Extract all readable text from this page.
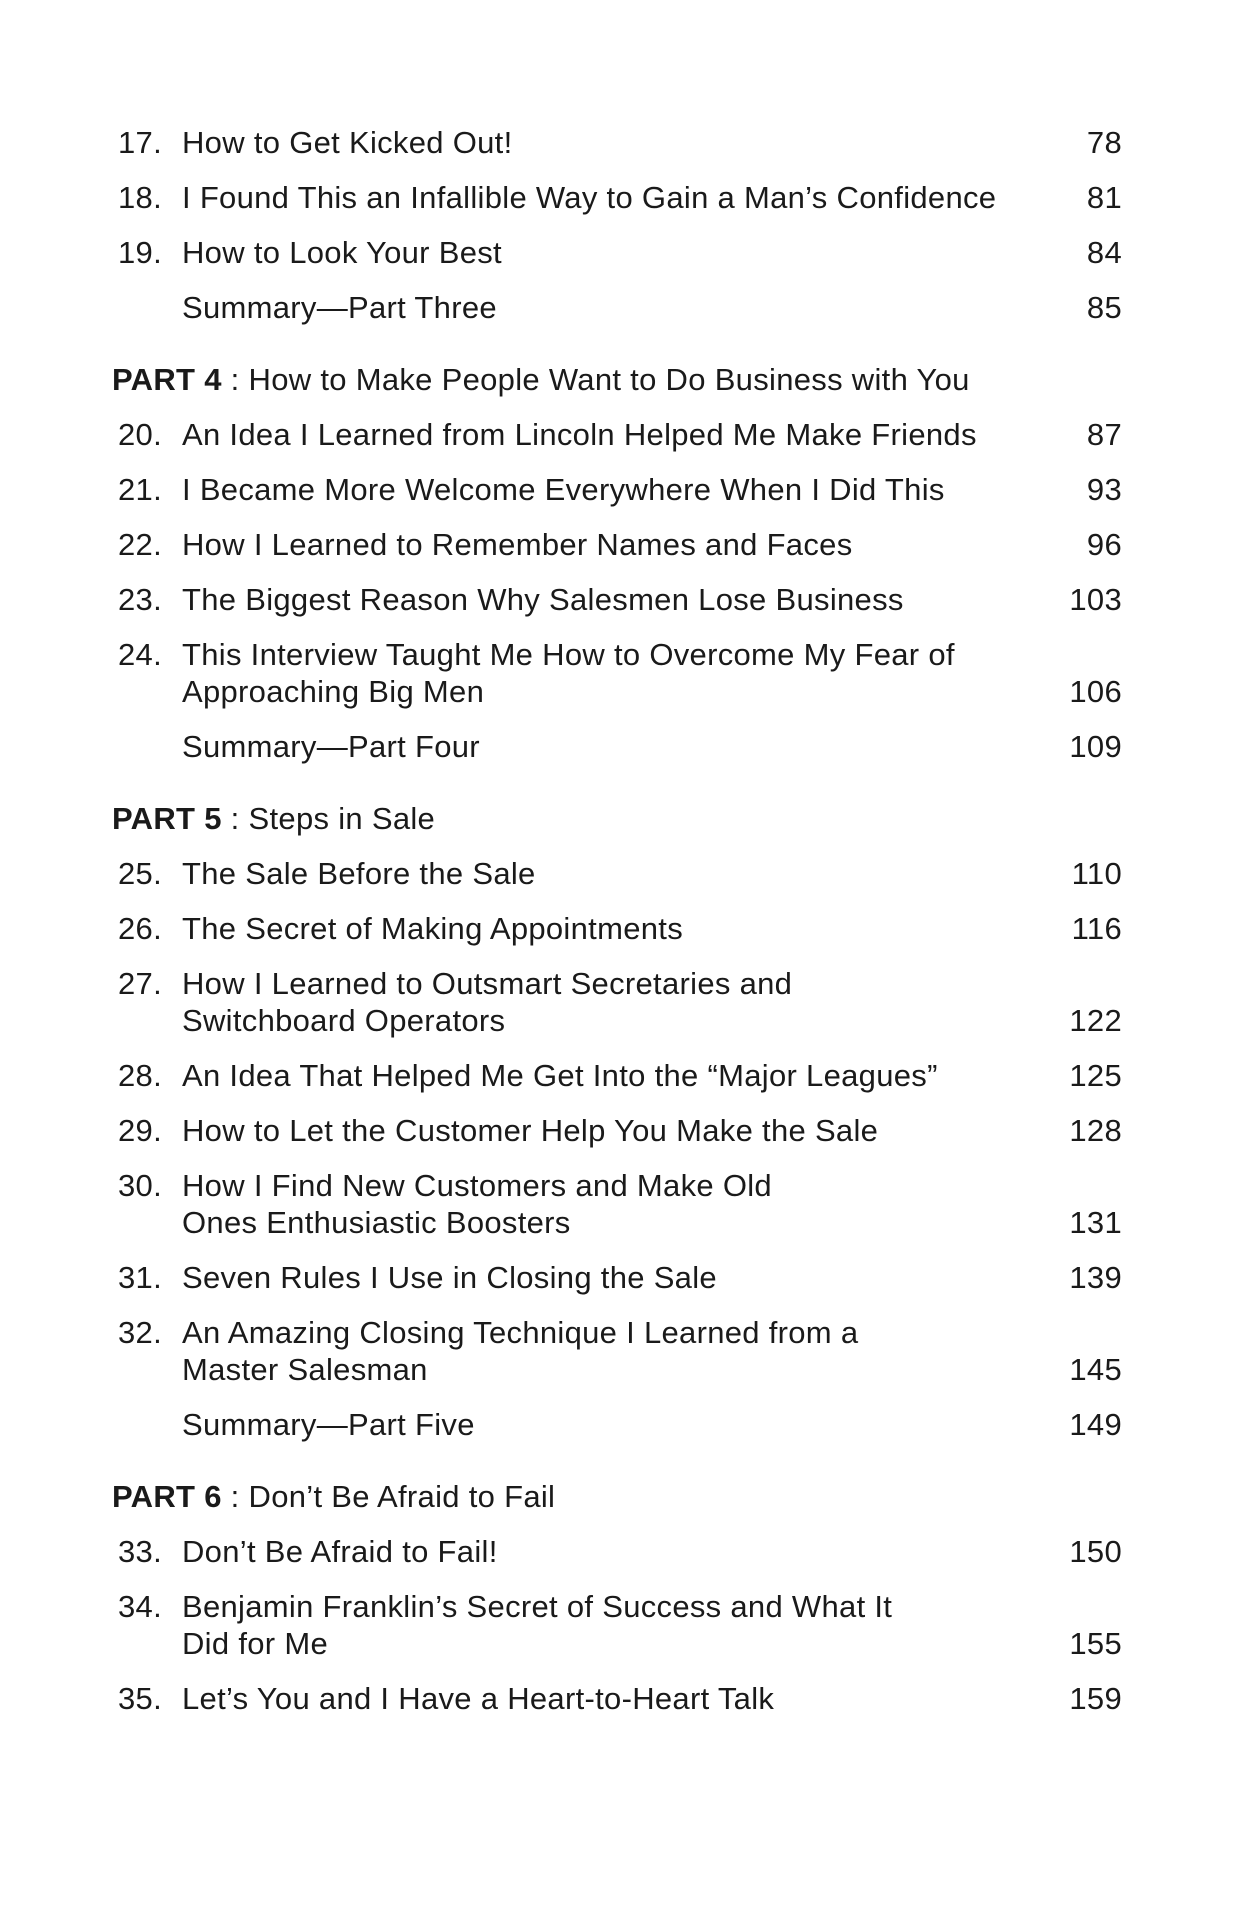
17. How to Get Kicked Out!	78
18. I Found This an Infallible Way to Gain a Man’s Confidence	81
19. How to Look Your Best	84
Summary—Part Three	85
PART 4 : How to Make People Want to Do Business with You
20. An Idea I Learned from Lincoln Helped Me Make Friends	87
21. I Became More Welcome Everywhere When I Did This	93
22. How I Learned to Remember Names and Faces	96
23. The Biggest Reason Why Salesmen Lose Business	103
24. This Interview Taught Me How to Overcome My Fear of
Approaching Big Men	106
Summary—Part Four	109
PART 5 : Steps in Sale
25. The Sale Before the Sale	110
26. The Secret of Making Appointments	116
27. How I Learned to Outsmart Secretaries and
Switchboard Operators	122
28. An Idea That Helped Me Get Into the “Major Leagues”	125
29. How to Let the Customer Help You Make the Sale	128
30. How I Find New Customers and Make Old
Ones Enthusiastic Boosters	131
31. Seven Rules I Use in Closing the Sale	139
32. An Amazing Closing Technique I Learned from a
Master Salesman	145
Summary—Part Five	149
PART 6 : Don’t Be Afraid to Fail
33. Don’t Be Afraid to Fail!	150
34. Benjamin Franklin’s Secret of Success and What It
Did for Me	155
35. Let’s You and I Have a Heart-to-Heart Talk	159
